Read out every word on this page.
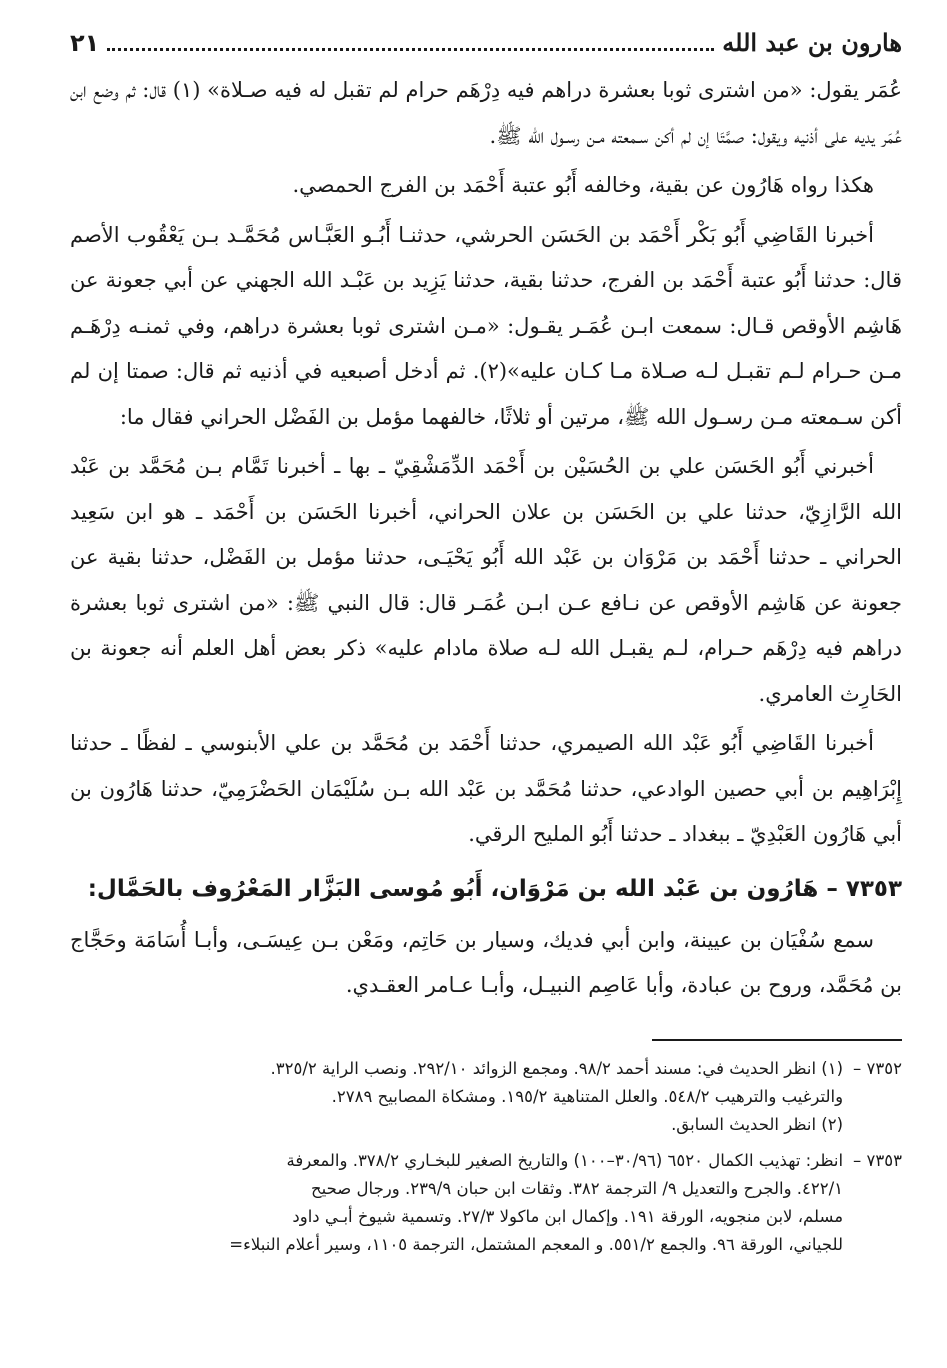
هارون بن عبد الله
٢١

عُمَر يقول: «من اشترى ثوبا بعشرة دراهم فيه دِرْهَم حرام لم تقبل له فيه صـلاة» (١) قال: ثم وضع ابن عُمَر يديه على أذنيه ويقول: صمَّتَا إن لم أكن سـمعته مـن رسـول الله ﷺ.

هكذا رواه هَارُون عن بقية، وخالفه أَبُو عتبة أَحْمَد بن الفرج الحمصي.

أخبرنا القَاضِي أَبُو بَكْر أَحْمَد بن الحَسَن الحرشي، حدثنـا أَبُـو العَبَّـاس مُحَمَّـد بـن يَعْقُوب الأصم قال: حدثنا أَبُو عتبة أَحْمَد بن الفرج، حدثنا بقية، حدثنا يَزِيد بن عَبْـد الله الجهني عن أبي جعونة عن هَاشِم الأوقص قـال: سمعت ابـن عُمَـر يقـول: «مـن اشترى ثوبا بعشرة دراهم، وفي ثمنـه دِرْهَـم مـن حـرام لـم تقبـل لـه صـلاة مـا كـان عليه»(٢). ثم أدخل أصبعيه في أذنيه ثم قال: صمتا إن لم أكن سـمعته مـن رسـول الله ﷺ، مرتين أو ثلاثًا، خالفهما مؤمل بن الفَضْل الحراني فقال ما:

أخبرني أَبُو الحَسَن علي بن الحُسَيْن بن أَحْمَد الدِّمَشْقِيّ ـ بها ـ أخبرنا تَمَّام بـن مُحَمَّد بن عَبْد الله الرَّازِيّ، حدثنا علي بن الحَسَن بن علان الحراني، أخبرنا الحَسَن بن أَحْمَد ـ هو ابن سَعِيد الحراني ـ حدثنا أَحْمَد بن مَرْوَان بن عَبْد الله أَبُو يَحْيَـى، حدثنا مؤمل بن الفَضْل، حدثنا بقية عن جعونة عن هَاشِم الأوقص عن نـافع عـن ابـن عُمَـر قال: قال النبي ﷺ: «من اشترى ثوبا بعشرة دراهم فيه دِرْهَم حـرام، لـم يقبـل الله لـه صلاة مادام عليه» ذكر بعض أهل العلم أنه جعونة بن الحَارِث العامري.

أخبرنا القَاضِي أَبُو عَبْد الله الصيمري، حدثنا أَحْمَد بن مُحَمَّد بن علي الأبنوسي ـ لفظًا ـ حدثنا إِبْرَاهِيم بن أبي حصين الوادعي، حدثنا مُحَمَّد بن عَبْد الله بـن سُلَيْمَان الحَضْرَمِيّ، حدثنا هَارُون بن أبي هَارُون العَبْدِيّ ـ ببغداد ـ حدثنا أَبُو المليح الرقي.

٧٣٥٣ – هَارُون بن عَبْد الله بن مَرْوَان، أَبُو مُوسى البَزَّار المَعْرُوف بالحَمَّال:

سمع سُفْيَان بن عيينة، وابن أبي فديك، وسيار بن حَاتِم، ومَعْن بـن عِيسَـى، وأبـا أُسَامَة وحَجَّاج بن مُحَمَّد، وروح بن عبادة، وأبا عَاصِم النبيـل، وأبـا عـامر العقـدي.

٧٣٥٢ –

(١) انظر الحديث في: مسند أحمد ٩٨/٢. ومجمع الزوائد ٢٩٢/١٠. ونصب الراية ٣٢٥/٢.

والترغيب والترهيب ٥٤٨/٢. والعلل المتناهية ١٩٥/٢. ومشكاة المصابيح ٢٧٨٩.

(٢) انظر الحديث السابق.

٧٣٥٣ –

انظر: تهذيب الكمال ٦٥٢٠ (٣٠/٩٦–١٠٠) والتاريخ الصغير للبخـاري ٣٧٨/٢. والمعرفة

٤٢٢/١. والجرح والتعديل ٩/ الترجمة ٣٨٢. وثقات ابن حبان ٢٣٩/٩. ورجال صحيح

مسلم، لابن منجويه، الورقة ١٩١. وإكمال ابن ماكولا ٢٧/٣. وتسمية شيوخ أبـي داود

للجياني، الورقة ٩٦. والجمع ٥٥١/٢. و المعجم المشتمل، الترجمة ١١٠٥، وسير أعلام النبلاء=
